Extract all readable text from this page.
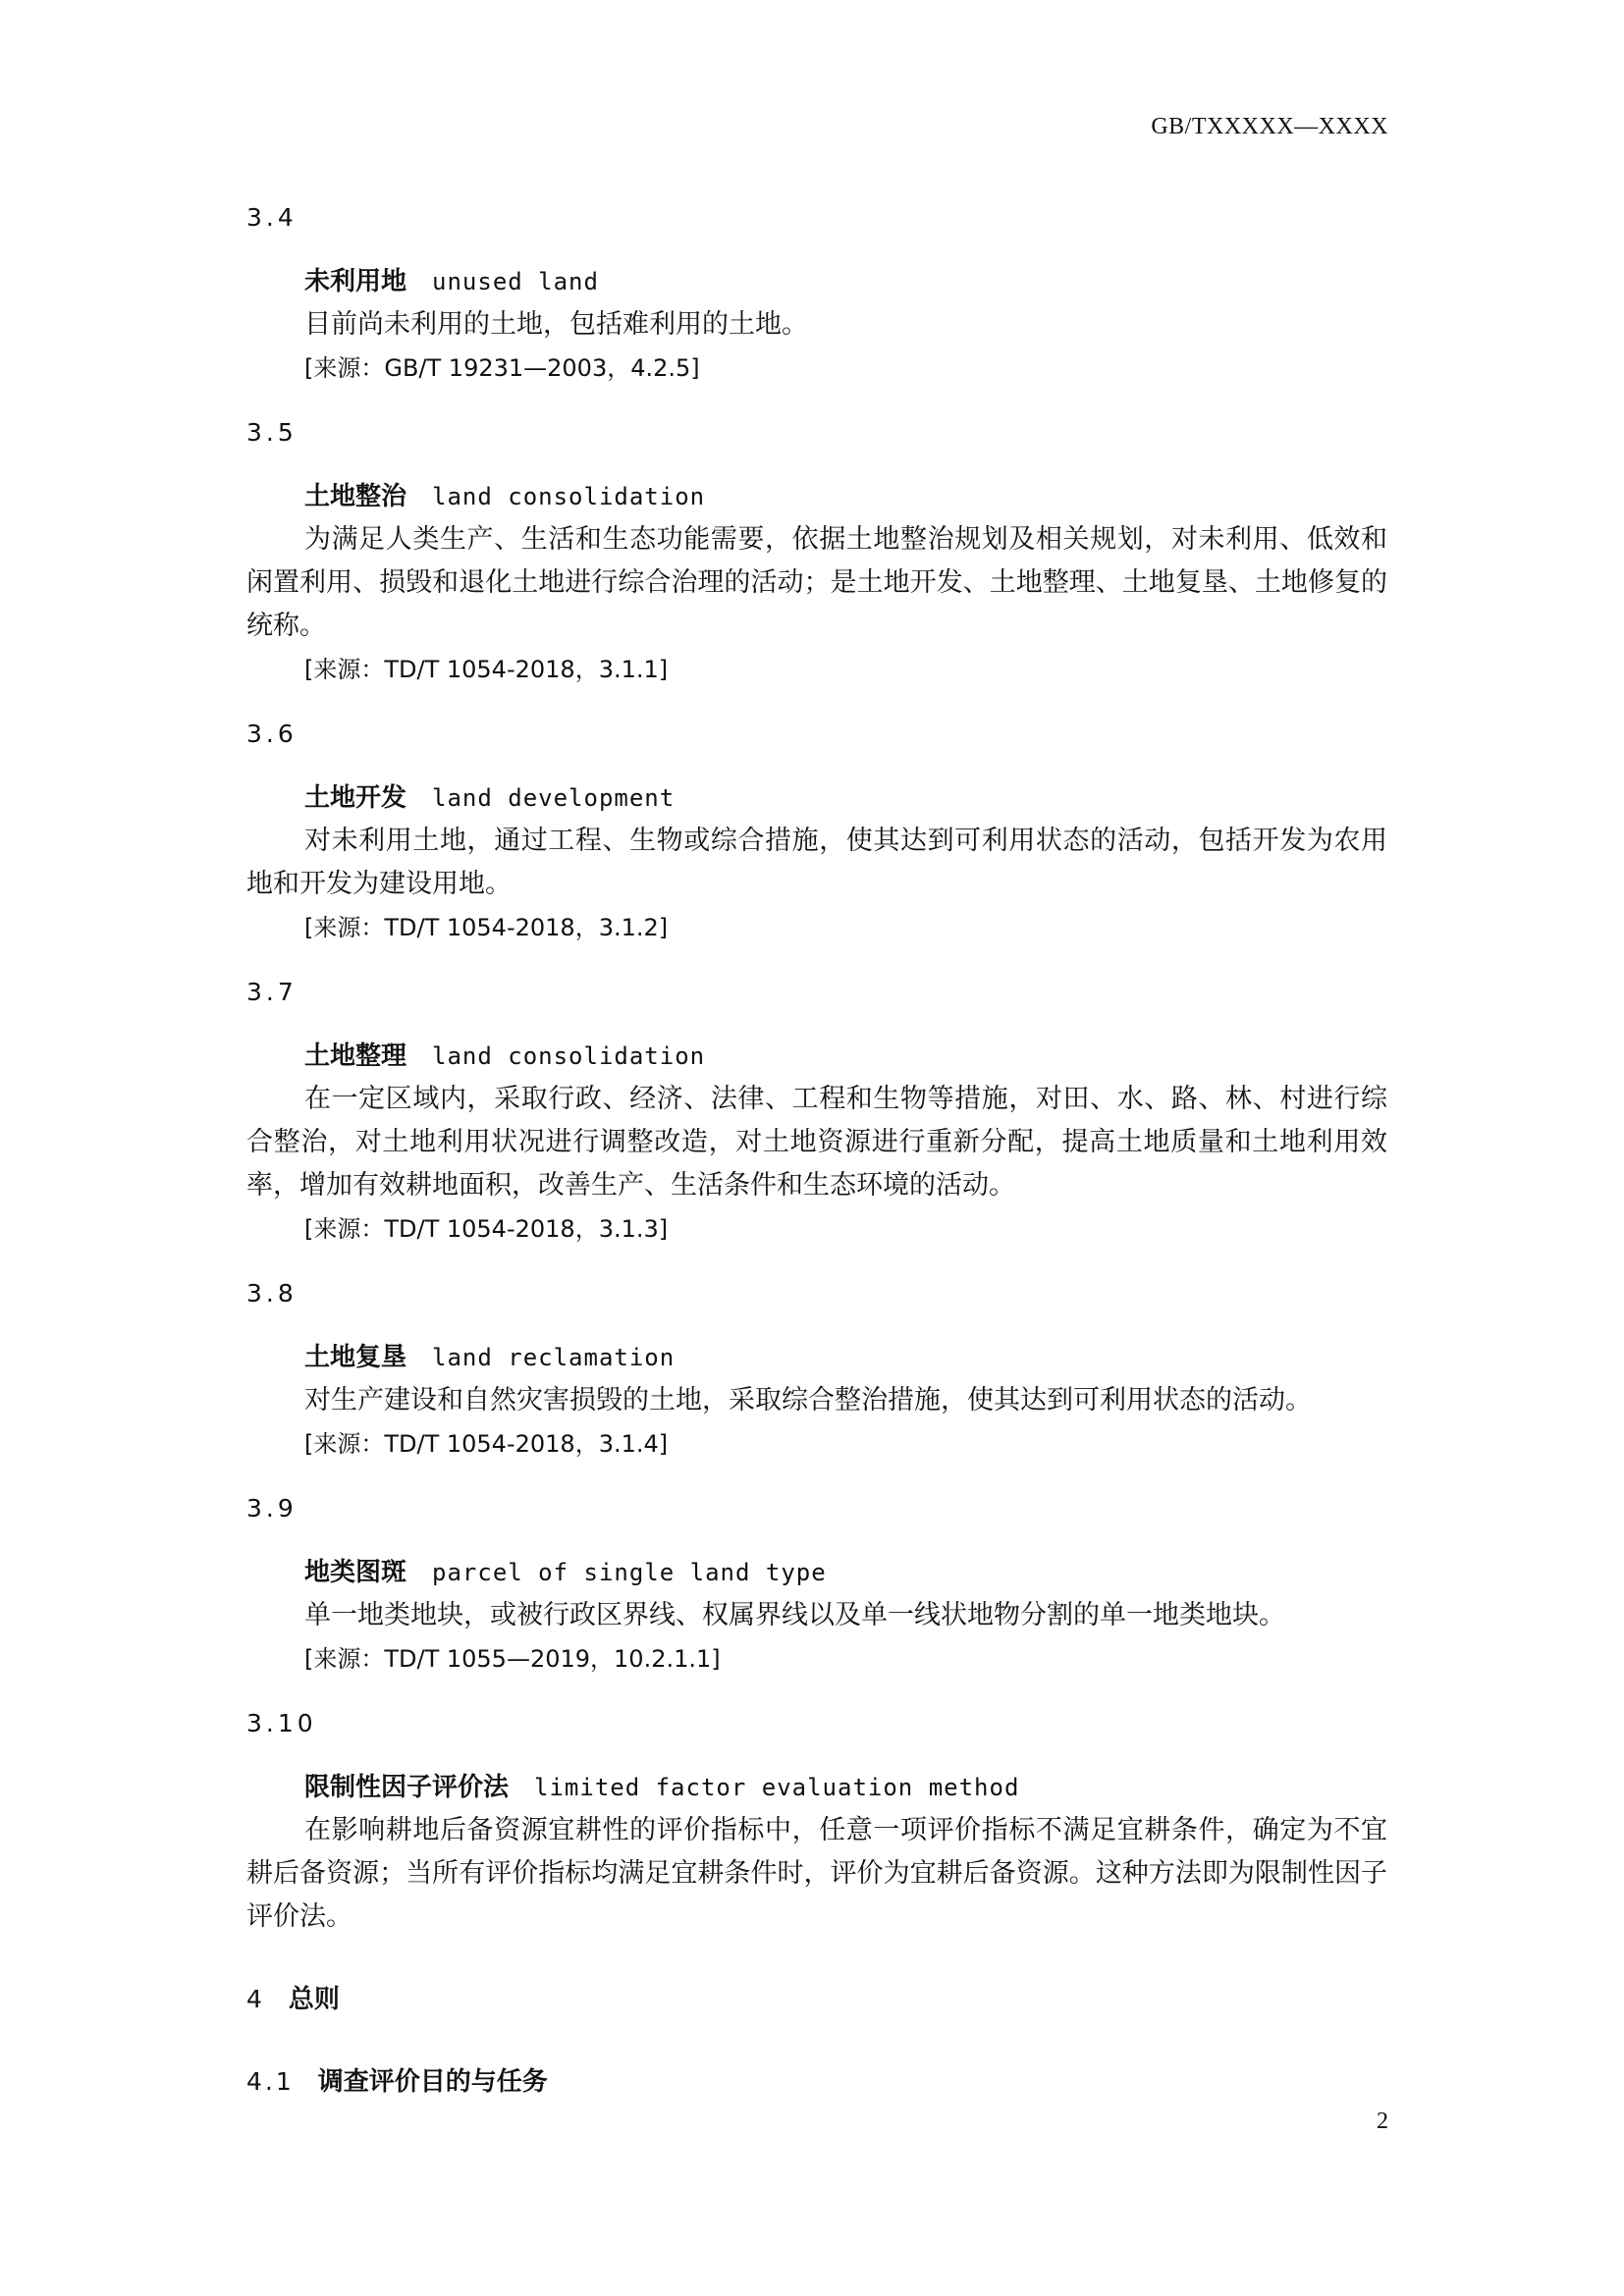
GB/TXXXXX—XXXX
3.4
未利用地 unused land
目前尚未利用的土地，包括难利用的土地。
[来源：GB/T 19231—2003，4.2.5]
3.5
土地整治 land consolidation
为满足人类生产、生活和生态功能需要，依据土地整治规划及相关规划，对未利用、低效和闲置利用、损毁和退化土地进行综合治理的活动；是土地开发、土地整理、土地复垦、土地修复的统称。
[来源：TD/T 1054-2018，3.1.1]
3.6
土地开发 land development
对未利用土地，通过工程、生物或综合措施，使其达到可利用状态的活动，包括开发为农用地和开发为建设用地。
[来源：TD/T 1054-2018，3.1.2]
3.7
土地整理 land consolidation
在一定区域内，采取行政、经济、法律、工程和生物等措施，对田、水、路、林、村进行综合整治，对土地利用状况进行调整改造，对土地资源进行重新分配，提高土地质量和土地利用效率，增加有效耕地面积，改善生产、生活条件和生态环境的活动。
[来源：TD/T 1054-2018，3.1.3]
3.8
土地复垦 land reclamation
对生产建设和自然灾害损毁的土地，采取综合整治措施，使其达到可利用状态的活动。
[来源：TD/T 1054-2018，3.1.4]
3.9
地类图斑 parcel of single land type
单一地类地块，或被行政区界线、权属界线以及单一线状地物分割的单一地类地块。
[来源：TD/T 1055—2019，10.2.1.1]
3.10
限制性因子评价法 limited factor evaluation method
在影响耕地后备资源宜耕性的评价指标中，任意一项评价指标不满足宜耕条件，确定为不宜耕后备资源；当所有评价指标均满足宜耕条件时，评价为宜耕后备资源。这种方法即为限制性因子评价法。
4 总则
4.1 调查评价目的与任务
2
